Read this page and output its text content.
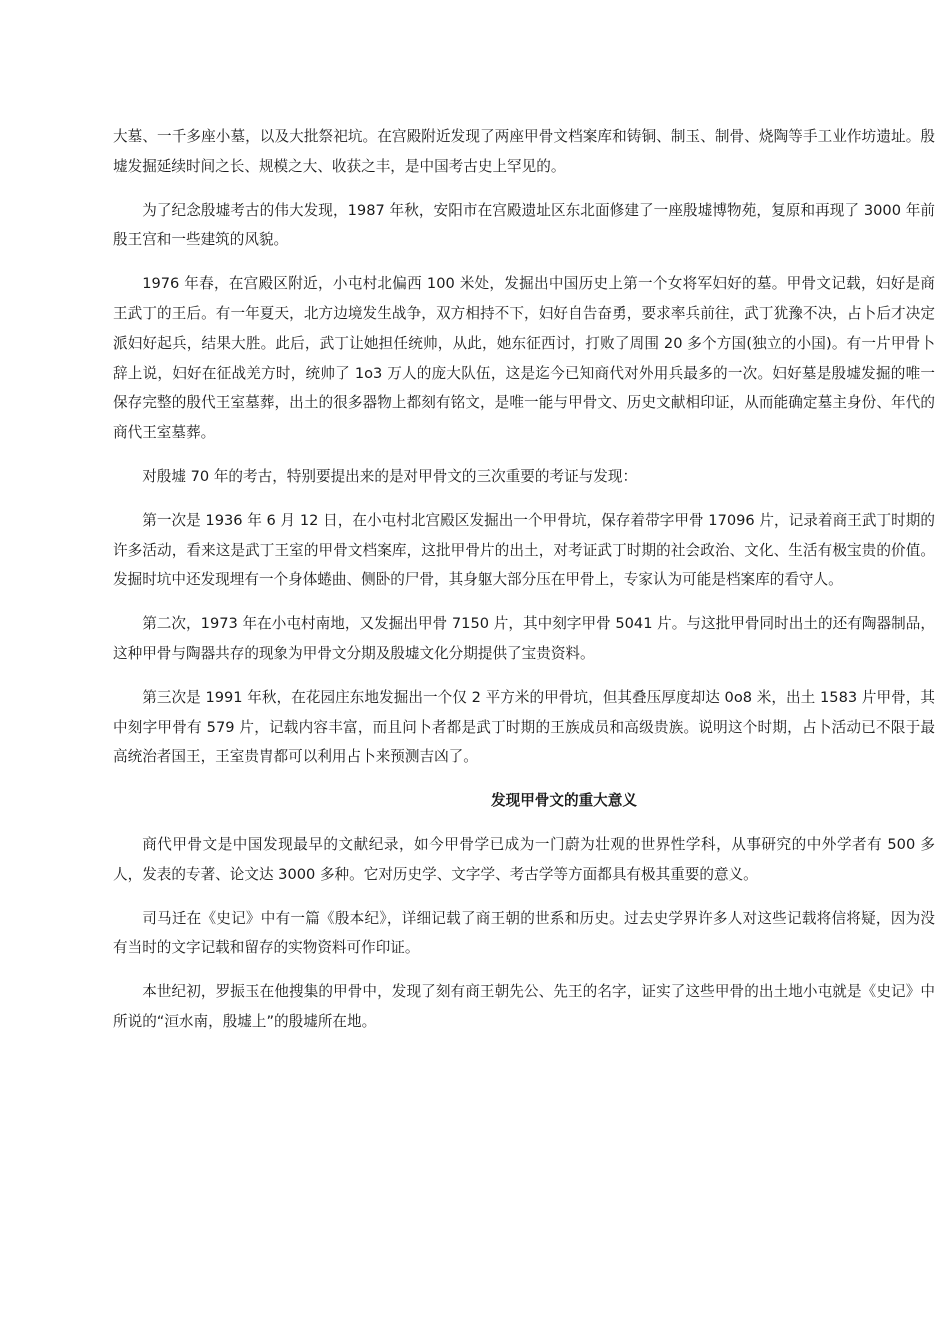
大墓、一千多座小墓，以及大批祭祀坑。在宫殿附近发现了两座甲骨文档案库和铸铜、制玉、制骨、烧陶等手工业作坊遗址。殷墟发掘延续时间之长、规模之大、收获之丰，是中国考古史上罕见的。

为了纪念殷墟考古的伟大发现，1987 年秋，安阳市在宫殿遗址区东北面修建了一座殷墟博物苑，复原和再现了 3000 年前殷王宫和一些建筑的风貌。

1976 年春，在宫殿区附近，小屯村北偏西 100 米处，发掘出中国历史上第一个女将军妇好的墓。甲骨文记载，妇好是商王武丁的王后。有一年夏天，北方边境发生战争，双方相持不下，妇好自告奋勇，要求率兵前往，武丁犹豫不决，占卜后才决定派妇好起兵，结果大胜。此后，武丁让她担任统帅，从此，她东征西讨，打败了周围 20 多个方国(独立的小国)。有一片甲骨卜辞上说，妇好在征战羌方时，统帅了 1o3 万人的庞大队伍，这是迄今已知商代对外用兵最多的一次。妇好墓是殷墟发掘的唯一保存完整的殷代王室墓葬，出土的很多器物上都刻有铭文，是唯一能与甲骨文、历史文献相印证，从而能确定墓主身份、年代的商代王室墓葬。

对殷墟 70 年的考古，特别要提出来的是对甲骨文的三次重要的考证与发现：

第一次是 1936 年 6 月 12 日，在小屯村北宫殿区发掘出一个甲骨坑，保存着带字甲骨 17096 片，记录着商王武丁时期的许多活动，看来这是武丁王室的甲骨文档案库，这批甲骨片的出土，对考证武丁时期的社会政治、文化、生活有极宝贵的价值。发掘时坑中还发现埋有一个身体蜷曲、侧卧的尸骨，其身躯大部分压在甲骨上，专家认为可能是档案库的看守人。

第二次，1973 年在小屯村南地，又发掘出甲骨 7150 片，其中刻字甲骨 5041 片。与这批甲骨同时出土的还有陶器制品，这种甲骨与陶器共存的现象为甲骨文分期及殷墟文化分期提供了宝贵资料。

第三次是 1991 年秋，在花园庄东地发掘出一个仅 2 平方米的甲骨坑，但其叠压厚度却达 0o8 米，出土 1583 片甲骨，其中刻字甲骨有 579 片，记载内容丰富，而且问卜者都是武丁时期的王族成员和高级贵族。说明这个时期，占卜活动已不限于最高统治者国王，王室贵胄都可以利用占卜来预测吉凶了。

发现甲骨文的重大意义

商代甲骨文是中国发现最早的文献纪录，如今甲骨学已成为一门蔚为壮观的世界性学科，从事研究的中外学者有 500 多人，发表的专著、论文达 3000 多种。它对历史学、文字学、考古学等方面都具有极其重要的意义。

司马迁在《史记》中有一篇《殷本纪》，详细记载了商王朝的世系和历史。过去史学界许多人对这些记载将信将疑，因为没有当时的文字记载和留存的实物资料可作印证。

本世纪初，罗振玉在他搜集的甲骨中，发现了刻有商王朝先公、先王的名字，证实了这些甲骨的出土地小屯就是《史记》中所说的“洹水南，殷墟上”的殷墟所在地。
